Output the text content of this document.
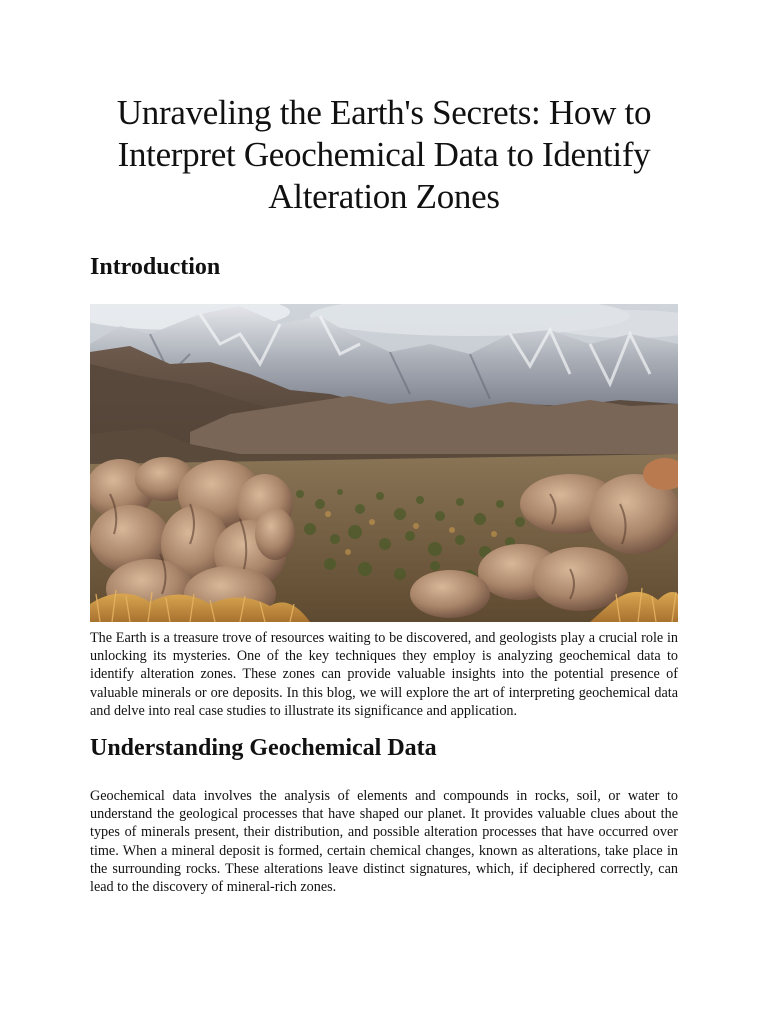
Unraveling the Earth's Secrets: How to Interpret Geochemical Data to Identify Alteration Zones
Introduction

The Earth is a treasure trove of resources waiting to be discovered, and geologists play a crucial role in unlocking its mysteries. One of the key techniques they employ is analyzing geochemical data to identify alteration zones. These zones can provide valuable insights into the potential presence of valuable minerals or ore deposits. In this blog, we will explore the art of interpreting geochemical data and delve into real case studies to illustrate its significance and application.

Understanding Geochemical Data

Geochemical data involves the analysis of elements and compounds in rocks, soil, or water to understand the geological processes that have shaped our planet. It provides valuable clues about the types of minerals present, their distribution, and possible alteration processes that have occurred over time. When a mineral deposit is formed, certain chemical changes, known as alterations, take place in the surrounding rocks. These alterations leave distinct signatures, which, if deciphered correctly, can lead to the discovery of mineral-rich zones.
